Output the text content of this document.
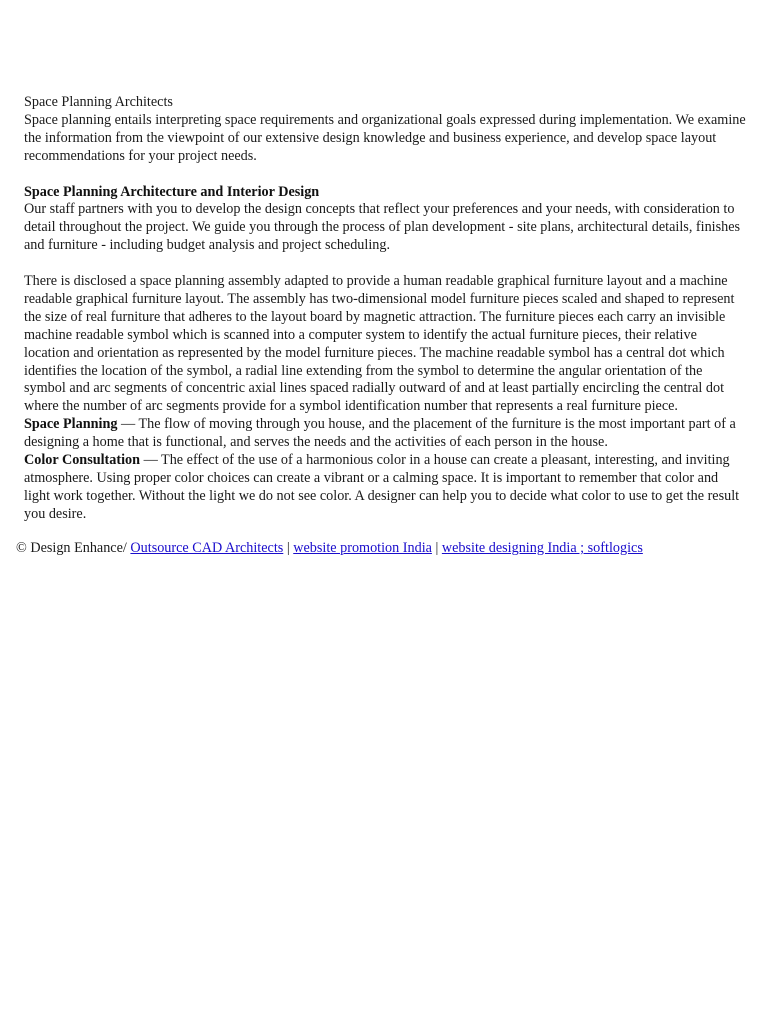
Space Planning Architects

Space planning entails interpreting space requirements and organizational goals expressed during implementation. We examine the information from the viewpoint of our extensive design knowledge and business experience, and develop space layout recommendations for your project needs.

Space Planning Architecture and Interior Design

Our staff partners with you to develop the design concepts that reflect your preferences and your needs, with consideration to detail throughout the project. We guide you through the process of plan development - site plans, architectural details, finishes and furniture - including budget analysis and project scheduling.

There is disclosed a space planning assembly adapted to provide a human readable graphical furniture layout and a machine readable graphical furniture layout. The assembly has two-dimensional model furniture pieces scaled and shaped to represent the size of real furniture that adheres to the layout board by magnetic attraction. The furniture pieces each carry an invisible machine readable symbol which is scanned into a computer system to identify the actual furniture pieces, their relative location and orientation as represented by the model furniture pieces. The machine readable symbol has a central dot which identifies the location of the symbol, a radial line extending from the symbol to determine the angular orientation of the symbol and arc segments of concentric axial lines spaced radially outward of and at least partially encircling the central dot where the number of arc segments provide for a symbol identification number that represents a real furniture piece.

Space Planning — The flow of moving through you house, and the placement of the furniture is the most important part of a designing a home that is functional, and serves the needs and the activities of each person in the house.

Color Consultation — The effect of the use of a harmonious color in a house can create a pleasant, interesting, and inviting atmosphere. Using proper color choices can create a vibrant or a calming space. It is important to remember that color and light work together. Without the light we do not see color. A designer can help you to decide what color to use to get the result you desire.

© Design Enhance/ Outsource CAD Architects | website promotion India | website designing India ; softlogics
